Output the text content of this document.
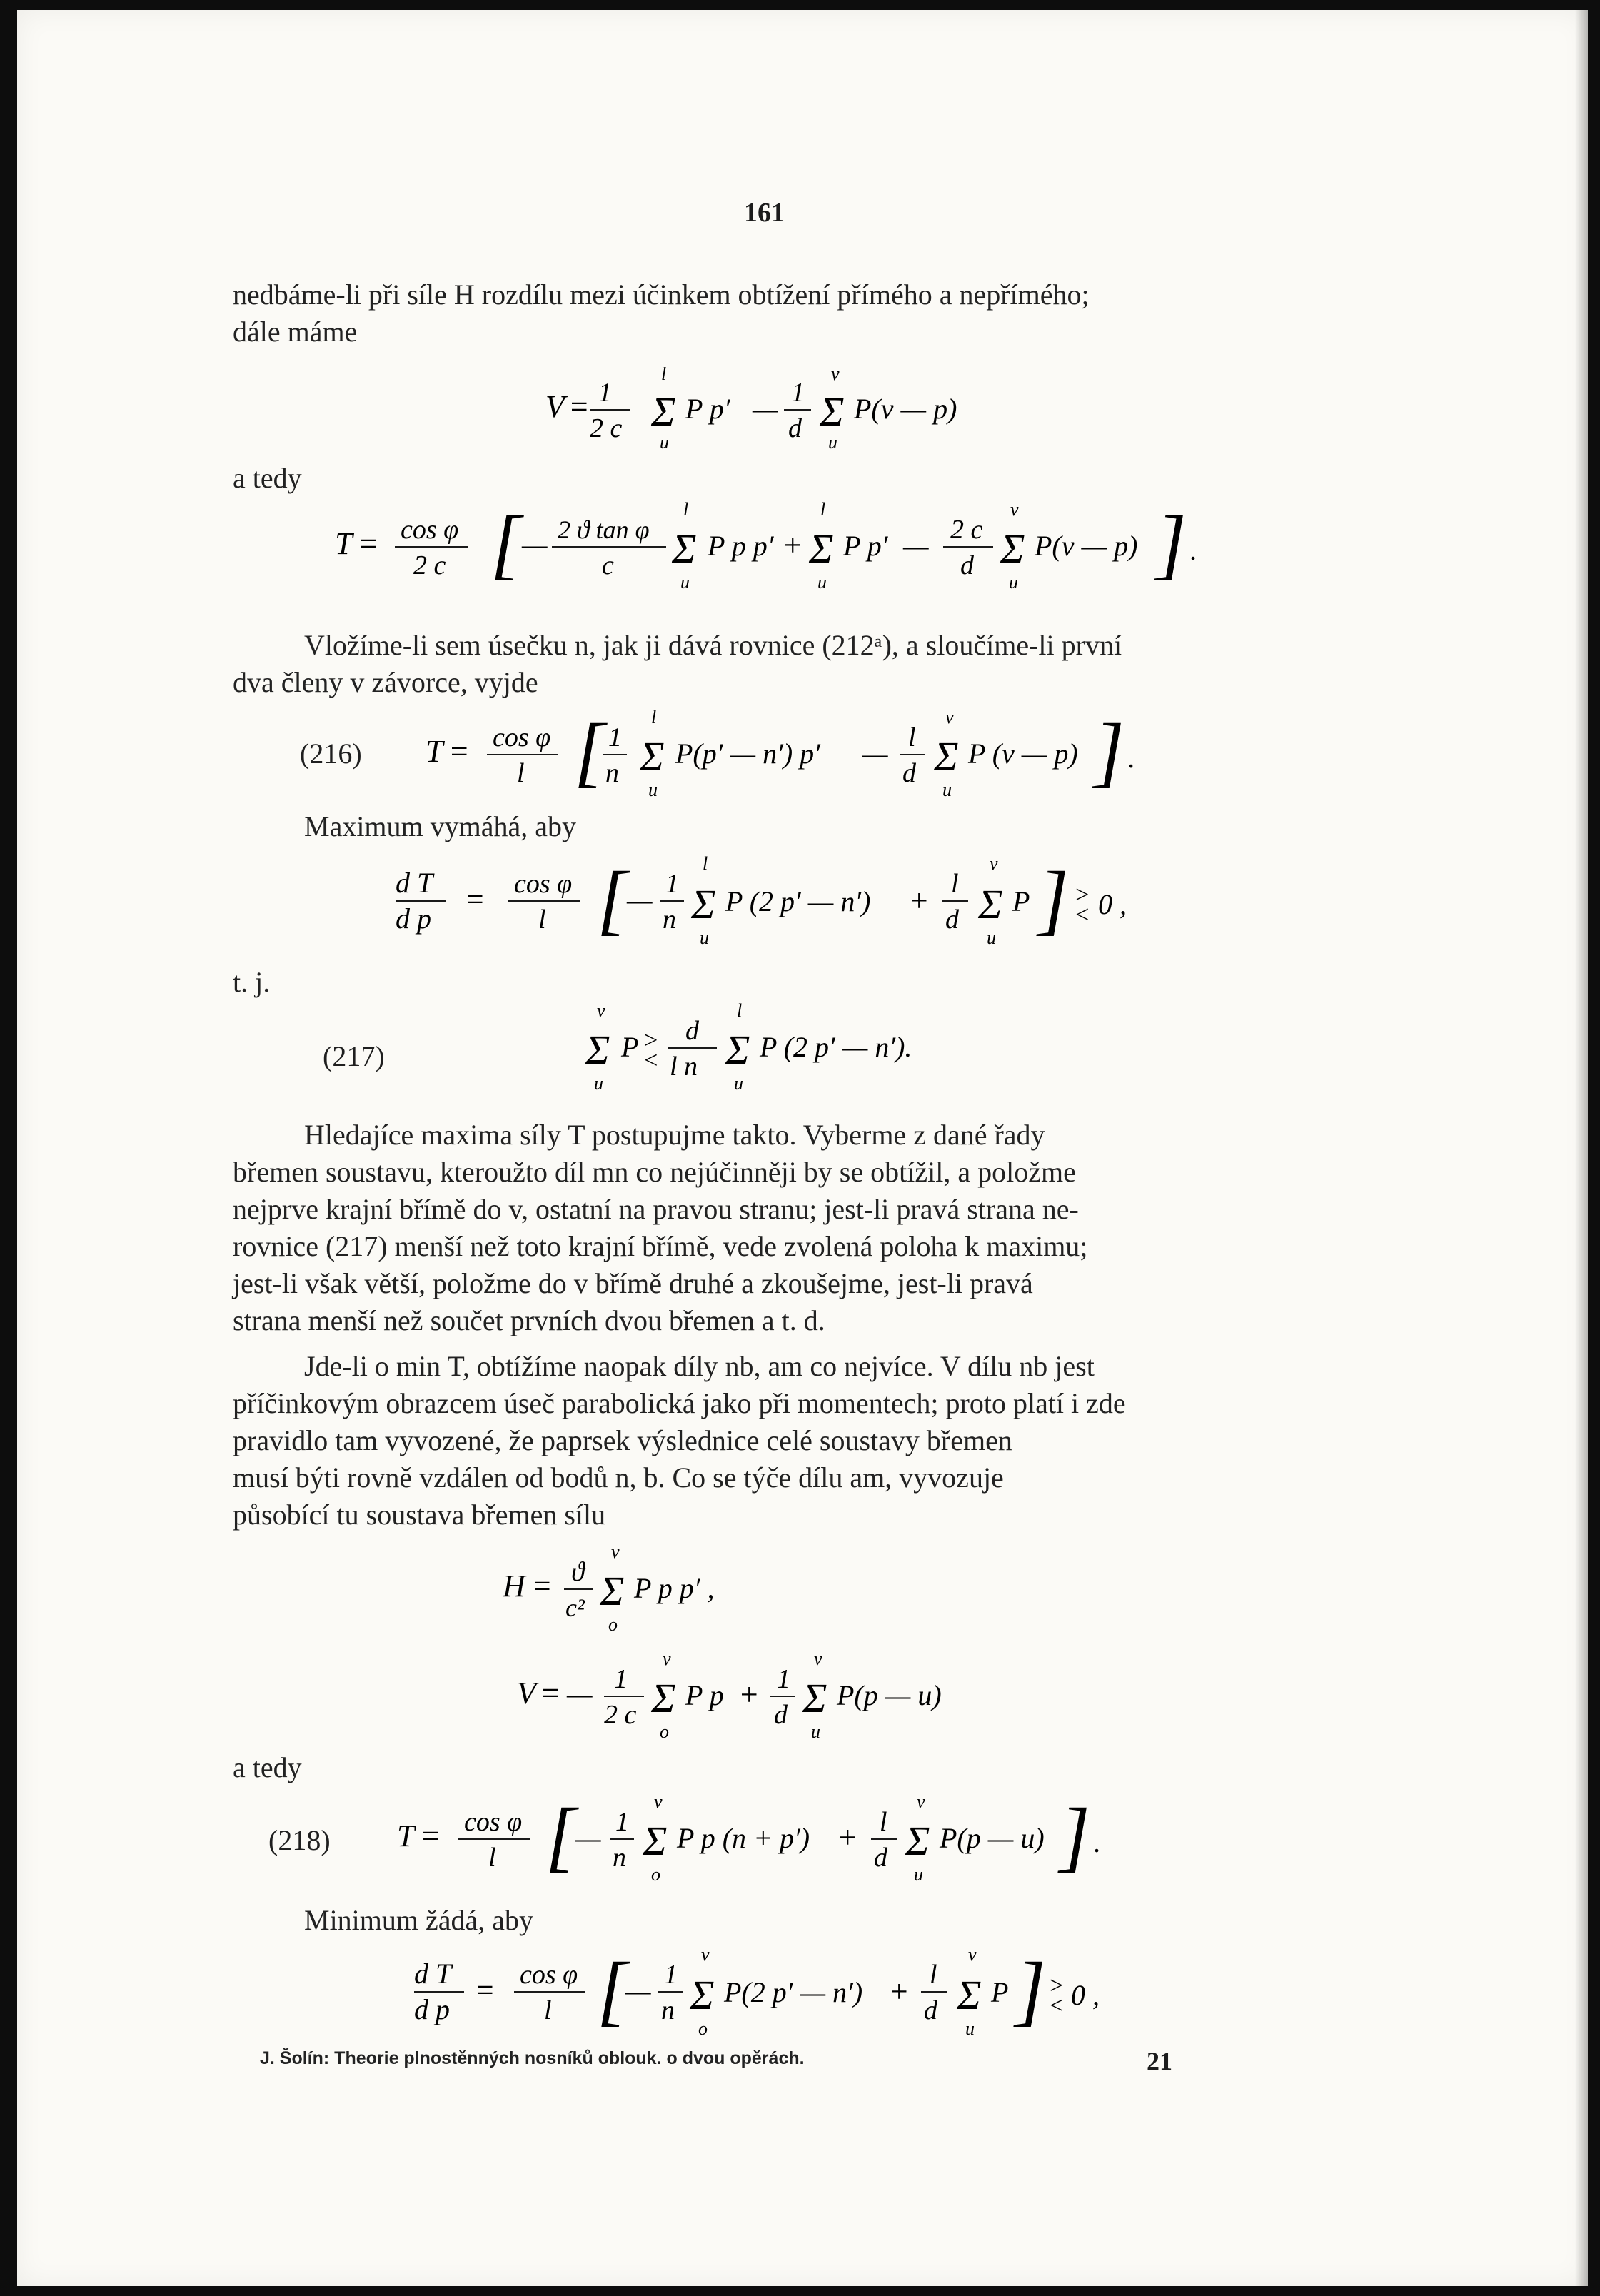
161
nedbáme-li při síle H rozdílu mezi účinkem obtížení přímého a nepřímého;
dále máme
V = 1
2 c
l
Σ
u
P p′ — 1
d
v
Σ
u
P(v — p)
a tedy
T = cos φ
2 c [ — 2 ϑ tan φ
c
l
Σ
u
P p p′ +
l
Σ
u
P p′ — 2 c
d
v
Σ
u
P(v — p) ] .
Vložíme-li sem úsečku n, jak ji dává rovnice (212ᵃ), a sloučíme-li první
dva členy v závorce, vyjde
(216) T = cos φ
l [ 1
n
l
Σ
u
P(p′ — n′) p′ — l
d
v
Σ
u
P (v — p) ] .
Maximum vymáhá, aby
d T
d p
= cos φ
l [ — 1
n
l
Σ
u
P (2 p′ — n′) + l
d
v
Σ
u
P ] >
< 0 ,
t. j.
(217)
v
Σ
u
P >
<
d
l n
l
Σ
u
P (2 p′ — n′).
Hledajíce maxima síly T postupujme takto. Vyberme z dané řady
břemen soustavu, kteroužto díl mn co nejúčinněji by se obtížil, a položme
nejprve krajní břímě do v, ostatní na pravou stranu; jest-li pravá strana ne-
rovnice (217) menší než toto krajní břímě, vede zvolená poloha k maximu;
jest-li však větší, položme do v břímě druhé a zkoušejme, jest-li pravá
strana menší než součet prvních dvou břemen a t. d.
Jde-li o min T, obtížíme naopak díly nb, am co nejvíce. V dílu nb jest
příčinkovým obrazcem úseč parabolická jako při momentech; proto platí i zde
pravidlo tam vyvozené, že paprsek výslednice celé soustavy břemen
musí býti rovně vzdálen od bodů n, b. Co se týče dílu am, vyvozuje
působící tu soustava břemen sílu
H = ϑ
c²
v
Σ
o
P p p′ ,
V = — 1
2 c
v
Σ
o
P p + 1
d
v
Σ
u
P(p — u)
a tedy
(218) T = cos φ
l [ — 1
n
v
Σ
o
P p (n + p′) + l
d
v
Σ
u
P(p — u) ] .
Minimum žádá, aby
d T
d p
= cos φ
l [
— 1
n
v
Σ
o
P(2 p′ — n′) + l
d
v
Σ
u
P ] >
< 0 ,
J. Šolín: Theorie plnostěnných nosníků oblouk. o dvou opěrách.	21
